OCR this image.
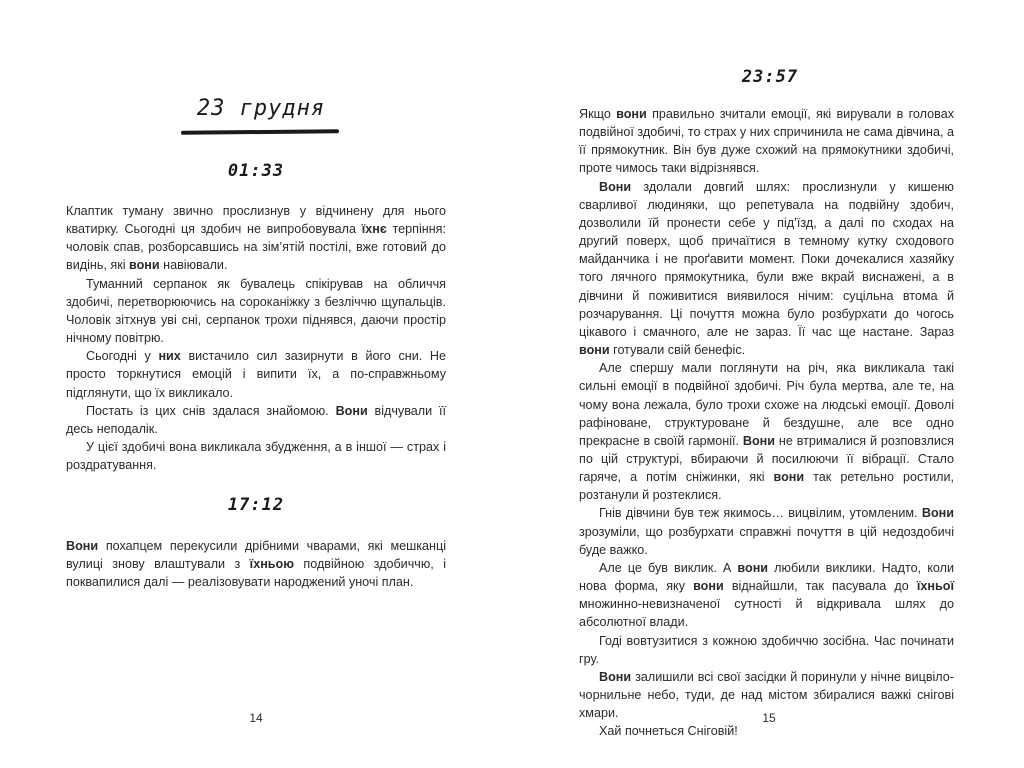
23 грудня
01:33

Клаптик туману звично прослизнув у відчинену для нього кватирку. Сьогодні ця здобич не випробовувала їхнє терпіння: чоловік спав, розборсавшись на зім’ятій постілі, вже готовий до видінь, які вони навіювали.

Туманний серпанок як бувалець спікірував на обличчя здобичі, перетворюючись на сороканіжку з безліччю щупальців. Чоловік зітхнув уві сні, серпанок трохи піднявся, даючи простір нічному повітрю.

Сьогодні у них вистачило сил зазирнути в його сни. Не просто торкнутися емоцій і випити їх, а по-справжньому підглянути, що їх викликало.

Постать із цих снів здалася знайомою. Вони відчували її десь неподалік.

У цієї здобичі вона викликала збудження, а в іншої — страх і роздратування.

17:12

Вони похапцем перекусили дрібними чварами, які мешканці вулиці знову влаштували з їхньою подвійною здобиччю, і поквапилися далі — реалізовувати народжений уночі план.

14
23:57

Якщо вони правильно зчитали емоції, які вирували в головах подвійної здобичі, то страх у них спричинила не сама дівчина, а її прямокутник. Він був дуже схожий на прямокутники здобичі, проте чимось таки відрізнявся.

Вони здолали довгий шлях: прослизнули у кишеню сварливої людиняки, що репетувала на подвійну здобич, дозволили їй пронести себе у під’їзд, а далі по сходах на другий поверх, щоб причаїтися в темному кутку сходового майданчика і не проґавити момент. Поки дочекалися хазяйку того лячного прямокутника, були вже вкрай виснажені, а в дівчини й поживитися виявилося нічим: суцільна втома й розчарування. Ці почуття можна було розбурхати до чогось цікавого і смачного, але не зараз. Її час ще настане. Зараз вони готували свій бенефіс.

Але спершу мали поглянути на річ, яка викликала такі сильні емоції в подвійної здобичі. Річ була мертва, але те, на чому вона лежала, було трохи схоже на людські емоції. Доволі рафіноване, структуроване й бездушне, але все одно прекрасне в своїй гармонії. Вони не втрималися й розповзлися по цій структурі, вбираючи й посилюючи її вібрації. Стало гаряче, а потім сніжинки, які вони так ретельно ростили, розтанули й розтеклися.

Гнів дівчини був теж якимось… вицвілим, утомленим. Вони зрозуміли, що розбурхати справжні почуття в цій недоздобичі буде важко.

Але це був виклик. А вони любили виклики. Надто, коли нова форма, яку вони віднайшли, так пасувала до їхньої множинно-невизначеної сутності й відкривала шлях до абсолютної влади.

Годі вовтузитися з кожною здобиччю зосібна. Час починати гру.

Вони залишили всі свої засідки й поринули у нічне вицвіло-чорнильне небо, туди, де над містом збиралися важкі снігові хмари.

Хай почнеться Сніговій!

15
